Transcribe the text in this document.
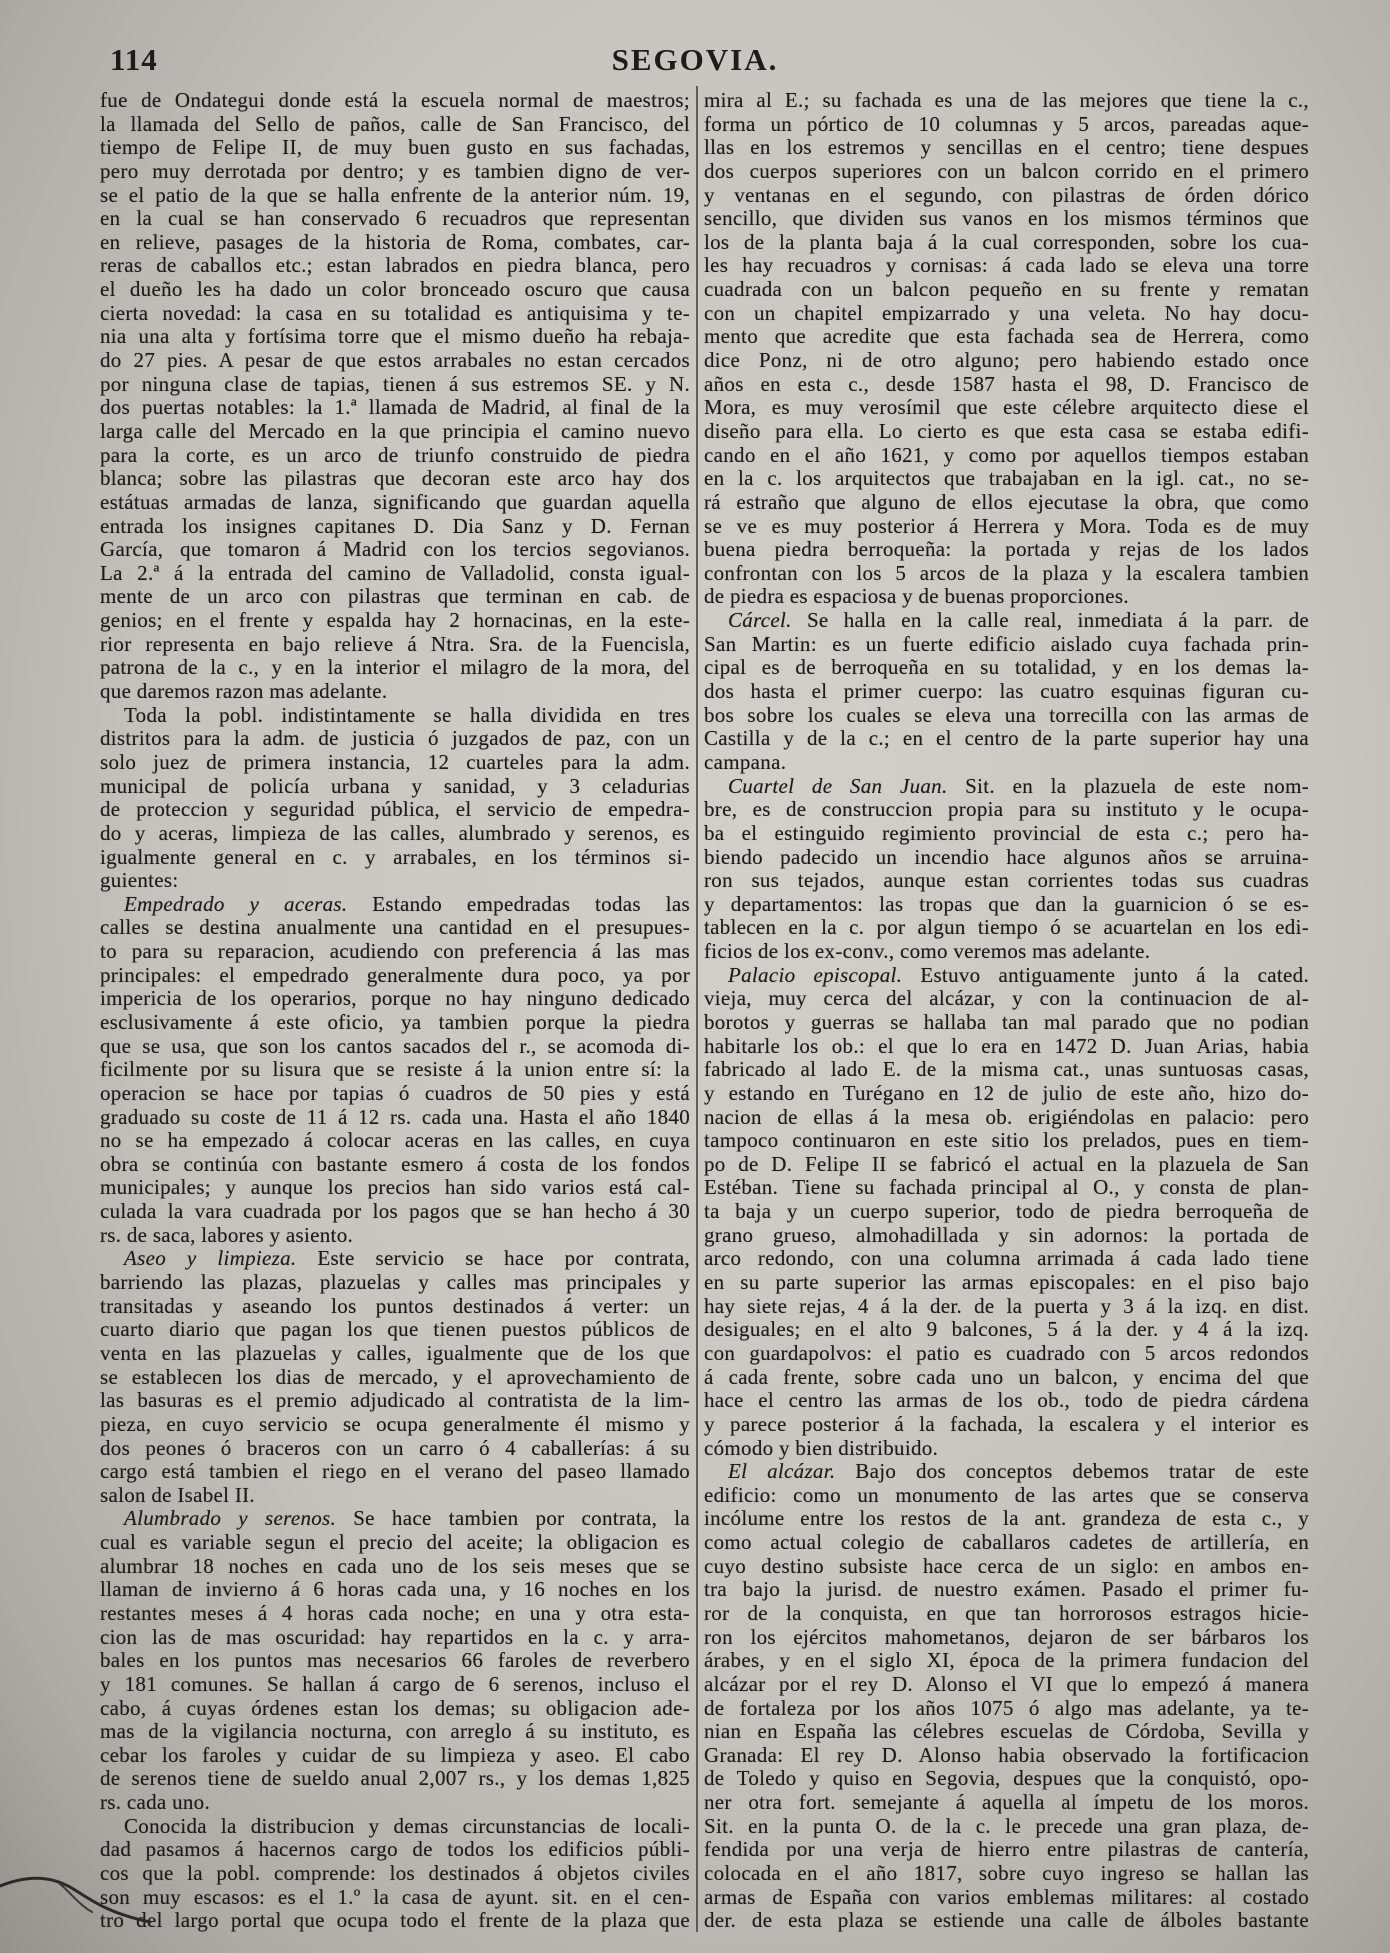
114	SEGOVIA.
fue de Ondategui donde está la escuela normal de maestros;
la llamada del Sello de paños, calle de San Francisco, del
tiempo de Felipe II, de muy buen gusto en sus fachadas,
pero muy derrotada por dentro; y es tambien digno de ver-
se el patio de la que se halla enfrente de la anterior núm. 19,
en la cual se han conservado 6 recuadros que representan
en relieve, pasages de la historia de Roma, combates, car-
reras de caballos etc.; estan labrados en piedra blanca, pero
el dueño les ha dado un color bronceado oscuro que causa
cierta novedad: la casa en su totalidad es antiquisima y te-
nia una alta y fortísima torre que el mismo dueño ha rebaja-
do 27 pies. A pesar de que estos arrabales no estan cercados
por ninguna clase de tapias, tienen á sus estremos SE. y N.
dos puertas notables: la 1.ª llamada de Madrid, al final de la
larga calle del Mercado en la que principia el camino nuevo
para la corte, es un arco de triunfo construido de piedra
blanca; sobre las pilastras que decoran este arco hay dos
estátuas armadas de lanza, significando que guardan aquella
entrada los insignes capitanes D. Dia Sanz y D. Fernan
García, que tomaron á Madrid con los tercios segovianos.
La 2.ª á la entrada del camino de Valladolid, consta igual-
mente de un arco con pilastras que terminan en cab. de
genios; en el frente y espalda hay 2 hornacinas, en la este-
rior representa en bajo relieve á Ntra. Sra. de la Fuencisla,
patrona de la c., y en la interior el milagro de la mora, del
que daremos razon mas adelante.
Toda la pobl. indistintamente se halla dividida en tres
distritos para la adm. de justicia ó juzgados de paz, con un
solo juez de primera instancia, 12 cuarteles para la adm.
municipal de policía urbana y sanidad, y 3 celadurias
de proteccion y seguridad pública, el servicio de empedra-
do y aceras, limpieza de las calles, alumbrado y serenos, es
igualmente general en c. y arrabales, en los términos si-
guientes:
Empedrado y aceras. Estando empedradas todas las
calles se destina anualmente una cantidad en el presupues-
to para su reparacion, acudiendo con preferencia á las mas
principales: el empedrado generalmente dura poco, ya por
impericia de los operarios, porque no hay ninguno dedicado
esclusivamente á este oficio, ya tambien porque la piedra
que se usa, que son los cantos sacados del r., se acomoda di-
ficilmente por su lisura que se resiste á la union entre sí: la
operacion se hace por tapias ó cuadros de 50 pies y está
graduado su coste de 11 á 12 rs. cada una. Hasta el año 1840
no se ha empezado á colocar aceras en las calles, en cuya
obra se continúa con bastante esmero á costa de los fondos
municipales; y aunque los precios han sido varios está cal-
culada la vara cuadrada por los pagos que se han hecho á 30
rs. de saca, labores y asiento.
Aseo y limpieza. Este servicio se hace por contrata,
barriendo las plazas, plazuelas y calles mas principales y
transitadas y aseando los puntos destinados á verter: un
cuarto diario que pagan los que tienen puestos públicos de
venta en las plazuelas y calles, igualmente que de los que
se establecen los dias de mercado, y el aprovechamiento de
las basuras es el premio adjudicado al contratista de la lim-
pieza, en cuyo servicio se ocupa generalmente él mismo y
dos peones ó braceros con un carro ó 4 caballerías: á su
cargo está tambien el riego en el verano del paseo llamado
salon de Isabel II.
Alumbrado y serenos. Se hace tambien por contrata, la
cual es variable segun el precio del aceite; la obligacion es
alumbrar 18 noches en cada uno de los seis meses que se
llaman de invierno á 6 horas cada una, y 16 noches en los
restantes meses á 4 horas cada noche; en una y otra esta-
cion las de mas oscuridad: hay repartidos en la c. y arra-
bales en los puntos mas necesarios 66 faroles de reverbero
y 181 comunes. Se hallan á cargo de 6 serenos, incluso el
cabo, á cuyas órdenes estan los demas; su obligacion ade-
mas de la vigilancia nocturna, con arreglo á su instituto, es
cebar los faroles y cuidar de su limpieza y aseo. El cabo
de serenos tiene de sueldo anual 2,007 rs., y los demas 1,825
rs. cada uno.
Conocida la distribucion y demas circunstancias de locali-
dad pasamos á hacernos cargo de todos los edificios públi-
cos que la pobl. comprende: los destinados á objetos civiles
son muy escasos: es el 1.º la casa de ayunt. sit. en el cen-
tro del largo portal que ocupa todo el frente de la plaza que
mira al E.; su fachada es una de las mejores que tiene la c.,
forma un pórtico de 10 columnas y 5 arcos, pareadas aque-
llas en los estremos y sencillas en el centro; tiene despues
dos cuerpos superiores con un balcon corrido en el primero
y ventanas en el segundo, con pilastras de órden dórico
sencillo, que dividen sus vanos en los mismos términos que
los de la planta baja á la cual corresponden, sobre los cua-
les hay recuadros y cornisas: á cada lado se eleva una torre
cuadrada con un balcon pequeño en su frente y rematan
con un chapitel empizarrado y una veleta. No hay docu-
mento que acredite que esta fachada sea de Herrera, como
dice Ponz, ni de otro alguno; pero habiendo estado once
años en esta c., desde 1587 hasta el 98, D. Francisco de
Mora, es muy verosímil que este célebre arquitecto diese el
diseño para ella. Lo cierto es que esta casa se estaba edifi-
cando en el año 1621, y como por aquellos tiempos estaban
en la c. los arquitectos que trabajaban en la igl. cat., no se-
rá estraño que alguno de ellos ejecutase la obra, que como
se ve es muy posterior á Herrera y Mora. Toda es de muy
buena piedra berroqueña: la portada y rejas de los lados
confrontan con los 5 arcos de la plaza y la escalera tambien
de piedra es espaciosa y de buenas proporciones.
Cárcel. Se halla en la calle real, inmediata á la parr. de
San Martin: es un fuerte edificio aislado cuya fachada prin-
cipal es de berroqueña en su totalidad, y en los demas la-
dos hasta el primer cuerpo: las cuatro esquinas figuran cu-
bos sobre los cuales se eleva una torrecilla con las armas de
Castilla y de la c.; en el centro de la parte superior hay una
campana.
Cuartel de San Juan. Sit. en la plazuela de este nom-
bre, es de construccion propia para su instituto y le ocupa-
ba el estinguido regimiento provincial de esta c.; pero ha-
biendo padecido un incendio hace algunos años se arruina-
ron sus tejados, aunque estan corrientes todas sus cuadras
y departamentos: las tropas que dan la guarnicion ó se es-
tablecen en la c. por algun tiempo ó se acuartelan en los edi-
ficios de los ex-conv., como veremos mas adelante.
Palacio episcopal. Estuvo antiguamente junto á la cated.
vieja, muy cerca del alcázar, y con la continuacion de al-
borotos y guerras se hallaba tan mal parado que no podian
habitarle los ob.: el que lo era en 1472 D. Juan Arias, habia
fabricado al lado E. de la misma cat., unas suntuosas casas,
y estando en Turégano en 12 de julio de este año, hizo do-
nacion de ellas á la mesa ob. erigiéndolas en palacio: pero
tampoco continuaron en este sitio los prelados, pues en tiem-
po de D. Felipe II se fabricó el actual en la plazuela de San
Estéban. Tiene su fachada principal al O., y consta de plan-
ta baja y un cuerpo superior, todo de piedra berroqueña de
grano grueso, almohadillada y sin adornos: la portada de
arco redondo, con una columna arrimada á cada lado tiene
en su parte superior las armas episcopales: en el piso bajo
hay siete rejas, 4 á la der. de la puerta y 3 á la izq. en dist.
desiguales; en el alto 9 balcones, 5 á la der. y 4 á la izq.
con guardapolvos: el patio es cuadrado con 5 arcos redondos
á cada frente, sobre cada uno un balcon, y encima del que
hace el centro las armas de los ob., todo de piedra cárdena
y parece posterior á la fachada, la escalera y el interior es
cómodo y bien distribuido.
El alcázar. Bajo dos conceptos debemos tratar de este
edificio: como un monumento de las artes que se conserva
incólume entre los restos de la ant. grandeza de esta c., y
como actual colegio de caballaros cadetes de artillería, en
cuyo destino subsiste hace cerca de un siglo: en ambos en-
tra bajo la jurisd. de nuestro exámen. Pasado el primer fu-
ror de la conquista, en que tan horrorosos estragos hicie-
ron los ejércitos mahometanos, dejaron de ser bárbaros los
árabes, y en el siglo XI, época de la primera fundacion del
alcázar por el rey D. Alonso el VI que lo empezó á manera
de fortaleza por los años 1075 ó algo mas adelante, ya te-
nian en España las célebres escuelas de Córdoba, Sevilla y
Granada: El rey D. Alonso habia observado la fortificacion
de Toledo y quiso en Segovia, despues que la conquistó, opo-
ner otra fort. semejante á aquella al ímpetu de los moros.
Sit. en la punta O. de la c. le precede una gran plaza, de-
fendida por una verja de hierro entre pilastras de cantería,
colocada en el año 1817, sobre cuyo ingreso se hallan las
armas de España con varios emblemas militares: al costado
der. de esta plaza se estiende una calle de álboles bastante
